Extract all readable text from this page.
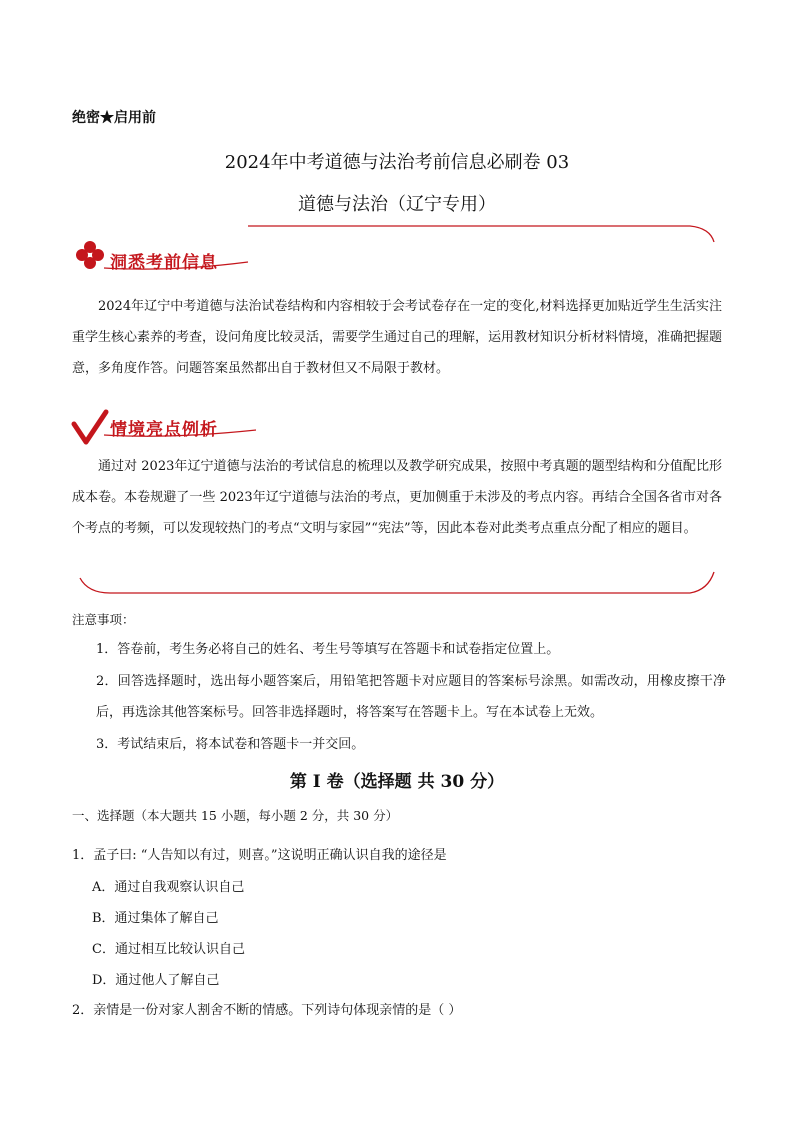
绝密★启用前
2024年中考道德与法治考前信息必刷卷 03
道德与法治（辽宁专用）
洞悉考前信息
2024年辽宁中考道德与法治试卷结构和内容相较于会考试卷存在一定的变化,材料选择更加贴近学生生活实注重学生核心素养的考查，设问角度比较灵活，需要学生通过自己的理解，运用教材知识分析材料情境，准确把握题意，多角度作答。问题答案虽然都出自于教材但又不局限于教材。
情境亮点例析
通过对 2023年辽宁道德与法治的考试信息的梳理以及教学研究成果，按照中考真题的题型结构和分值配比形成本卷。本卷规避了一些 2023年辽宁道德与法治的考点，更加侧重于未涉及的考点内容。再结合全国各省市对各个考点的考频，可以发现较热门的考点“文明与家园”“宪法”等，因此本卷对此类考点重点分配了相应的题目。
注意事项：
1．答卷前，考生务必将自己的姓名、考生号等填写在答题卡和试卷指定位置上。
2．回答选择题时，选出每小题答案后，用铅笔把答题卡对应题目的答案标号涂黑。如需改动，用橡皮擦干净后，再选涂其他答案标号。回答非选择题时，将答案写在答题卡上。写在本试卷上无效。
3．考试结束后，将本试卷和答题卡一并交回。
第 I 卷（选择题 共 30 分）
一、选择题（本大题共 15 小题，每小题 2 分，共 30 分）
1．孟子曰: “人告知以有过，则喜。”这说明正确认识自我的途径是
A．通过自我观察认识自己
B．通过集体了解自己
C．通过相互比较认识自己
D．通过他人了解自己
2．亲情是一份对家人割舍不断的情感。下列诗句体现亲情的是（ ）
